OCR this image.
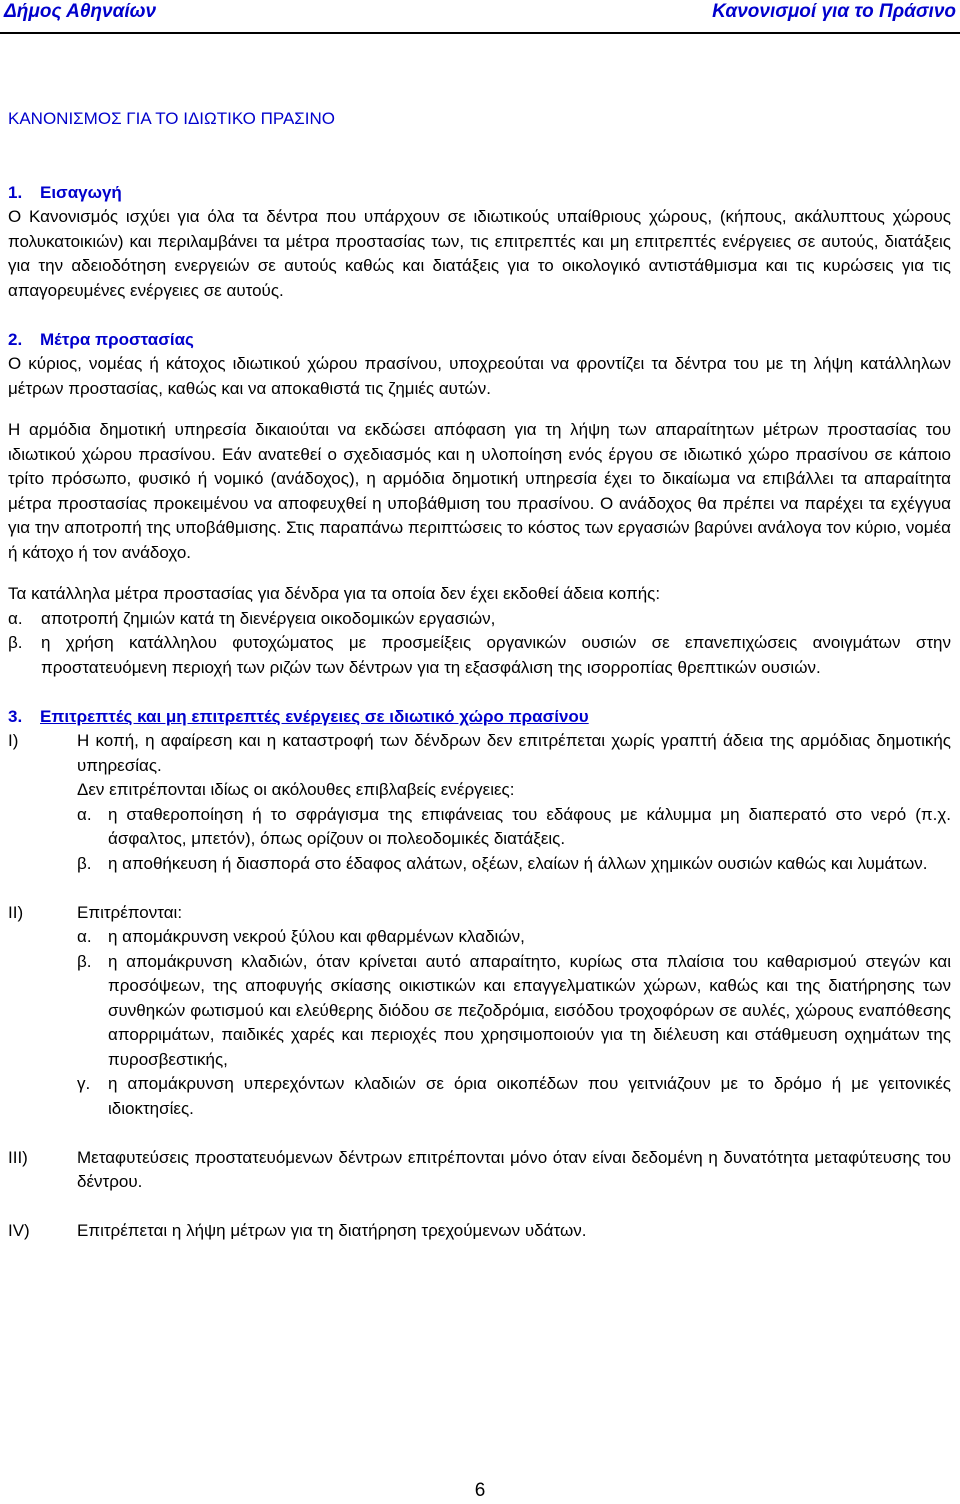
Δήμος Αθηναίων	Κανονισμοί για το Πράσινο

ΚΑΝΟΝΙΣΜΟΣ ΓΙΑ ΤΟ ΙΔΙΩΤΙΚΟ ΠΡΑΣΙΝΟ

1.	Εισαγωγή

Ο Κανονισμός ισχύει για όλα τα δέντρα που υπάρχουν σε ιδιωτικούς υπαίθριους χώρους, (κήπους, ακάλυπτους χώρους πολυκατοικιών) και περιλαμβάνει τα μέτρα προστασίας των, τις επιτρεπτές και μη επιτρεπτές ενέργειες σε αυτούς, διατάξεις για την αδειοδότηση ενεργειών σε αυτούς καθώς και διατάξεις για το οικολογικό αντιστάθμισμα και τις κυρώσεις για τις απαγορευμένες ενέργειες σε αυτούς.

2.	Μέτρα προστασίας

Ο κύριος, νομέας ή κάτοχος ιδιωτικού χώρου πρασίνου, υποχρεούται να φροντίζει τα δέντρα του με τη λήψη κατάλληλων μέτρων προστασίας, καθώς και να αποκαθιστά τις ζημιές αυτών.

Η αρμόδια δημοτική υπηρεσία δικαιούται να εκδώσει απόφαση για τη λήψη των απαραίτητων μέτρων προστασίας του ιδιωτικού χώρου πρασίνου. Εάν ανατεθεί ο σχεδιασμός και η υλοποίηση ενός έργου σε ιδιωτικό χώρο πρασίνου σε κάποιο τρίτο πρόσωπο, φυσικό ή νομικό (ανάδοχος), η αρμόδια δημοτική υπηρεσία έχει το δικαίωμα να επιβάλλει τα απαραίτητα μέτρα προστασίας προκειμένου να αποφευχθεί η υποβάθμιση του πρασίνου. Ο ανάδοχος θα πρέπει να παρέχει τα εχέγγυα για την αποτροπή της υποβάθμισης. Στις παραπάνω περιπτώσεις το κόστος των εργασιών βαρύνει ανάλογα τον κύριο, νομέα ή κάτοχο ή τον ανάδοχο.

Τα κατάλληλα μέτρα προστασίας για δένδρα για τα οποία δεν έχει εκδοθεί άδεια κοπής:

α.	αποτροπή ζημιών κατά τη διενέργεια οικοδομικών εργασιών,
β.	η χρήση κατάλληλου φυτοχώματος με προσμείξεις οργανικών ουσιών σε επανεπιχώσεις ανοιγμάτων στην προστατευόμενη περιοχή των ριζών των δέντρων για τη εξασφάλιση της ισορροπίας θρεπτικών ουσιών.
3.	Επιτρεπτές και μη επιτρεπτές ενέργειες σε ιδιωτικό χώρο πρασίνου
Ι)	Η κοπή, η αφαίρεση και η καταστροφή των δένδρων δεν επιτρέπεται χωρίς γραπτή άδεια της αρμόδιας δημοτικής υπηρεσίας.

Δεν επιτρέπονται ιδίως οι ακόλουθες επιβλαβείς ενέργειες:

α. η σταθεροποίηση ή το σφράγισμα της επιφάνειας του εδάφους με κάλυμμα μη διαπερατό στο νερό (π.χ. άσφαλτος, μπετόν), όπως ορίζουν οι πολεοδομικές διατάξεις.
β. η αποθήκευση ή διασπορά στο έδαφος αλάτων, οξέων, ελαίων ή άλλων χημικών ουσιών καθώς και λυμάτων.
ΙΙ)	Επιτρέπονται:
α. η απομάκρυνση νεκρού ξύλου και φθαρμένων κλαδιών,
β. η απομάκρυνση κλαδιών, όταν κρίνεται αυτό απαραίτητο, κυρίως στα πλαίσια του καθαρισμού στεγών και προσόψεων, της αποφυγής σκίασης οικιστικών και επαγγελματικών χώρων, καθώς και της διατήρησης των συνθηκών φωτισμού και ελεύθερης διόδου σε πεζοδρόμια, εισόδου τροχοφόρων σε αυλές, χώρους εναπόθεσης απορριμάτων, παιδικές χαρές και περιοχές που χρησιμοποιούν για τη διέλευση και στάθμευση οχημάτων της πυροσβεστικής,
γ.	η απομάκρυνση υπερεχόντων κλαδιών σε όρια οικοπέδων που γειτνιάζουν με το δρόμο ή με γειτονικές ιδιοκτησίες.
ΙΙΙ)	Μεταφυτεύσεις προστατευόμενων δέντρων επιτρέπονται μόνο όταν είναι δεδομένη η δυνατότητα μεταφύτευσης του δέντρου.
ΙV)	Επιτρέπεται η λήψη μέτρων για τη διατήρηση τρεχούμενων υδάτων.
6
